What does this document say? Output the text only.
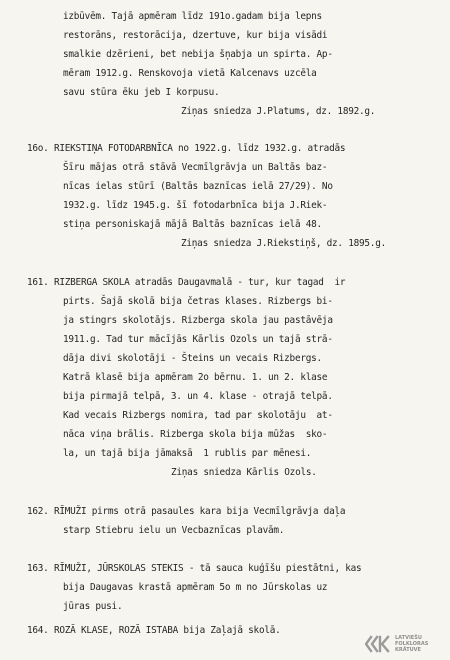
izbūvēm. Tajā apmēram līdz 191o.gadam bija lepns
restorāns, restorācija, dzertuve, kur bija visādi
smalkie dzērieni, bet nebija šņabja un spirta. Ap-
mēram 1912.g. Renskovoja vietā Kalcenavs uzcēla
savu stūra ēku jeb I korpusu.
Ziņas sniedza J.Platums, dz. 1892.g.
16o. RIEKSTIŅA FOTODARBNĪCA no 1922.g. līdz 1932.g. atradās
Šīru mājas otrā stāvā Vecmīlgrāvja un Baltās baz-
nīcas ielas stūrī (Baltās baznīcas ielā 27/29). No
1932.g. līdz 1945.g. šī fotodarbnīca bija J.Riek-
stiņa personiskajā mājā Baltās baznīcas ielā 48.
Ziņas sniedza J.Riekstiņš, dz. 1895.g.
161. RIZBERGA SKOLA atradās Daugavmalā - tur, kur tagad  ir
pirts. Šajā skolā bija četras klases. Rizbergs bi-
ja stingrs skolotājs. Rizberga skola jau pastāvēja
1911.g. Tad tur mācījās Kārlis Ozols un tajā strā-
dāja divi skolotāji - Šteins un vecais Rizbergs.
Katrā klasē bija apmēram 2o bērnu. 1. un 2. klase
bija pirmajā telpā, 3. un 4. klase - otrajā telpā.
Kad vecais Rizbergs nomira, tad par skolotāju  at-
nāca viņa brālis. Rizberga skola bija mūžas  sko-
la, un tajā bija jāmaksā  1 rublis par mēnesi.
Ziņas sniedza Kārlis Ozols.
162. RĪMUŽI pirms otrā pasaules kara bija Vecmīlgrāvja daļa
starp Stiebru ielu un Vecbaznīcas plavām.
163. RĪMUŽI, JŪRSKOLAS STEKIS - tā sauca kuģīšu piestātni, kas
bija Daugavas krastā apmēram 5o m no Jūrskolas uz
jūras pusi.
164. ROZĀ KLASE, ROZĀ ISTABA bija Zaļajā skolā.
LATVIEŠU
FOLKLORAS
KRĀTUVE
